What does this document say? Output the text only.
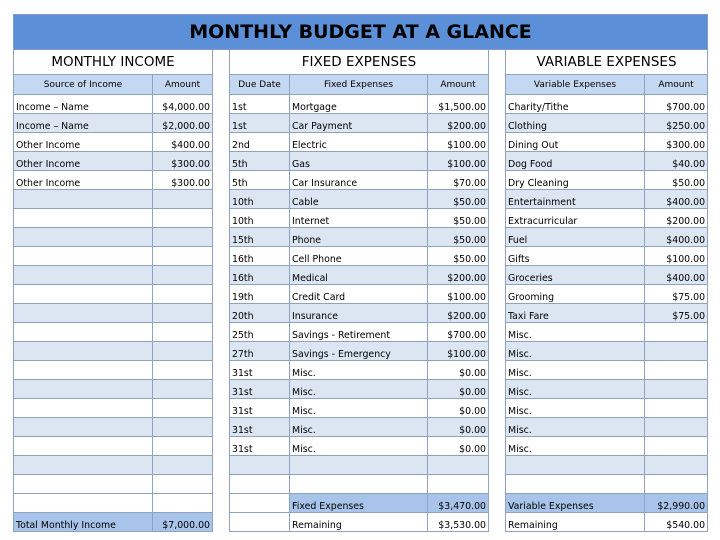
MONTHLY BUDGET AT A GLANCE								
MONTHLY INCOME			FIXED EXPENSES				VARIABLE EXPENSES	
Source of Income	Amount		Due Date	Fixed Expenses	Amount		Variable Expenses	Amount
Income – Name	$4,000.00		1st	Mortgage	$1,500.00		Charity/Tithe	$700.00
Income – Name	$2,000.00		1st	Car Payment	$200.00		Clothing	$250.00
Other Income	$400.00		2nd	Electric	$100.00		Dining Out	$300.00
Other Income	$300.00		5th	Gas	$100.00		Dog Food	$40.00
Other Income	$300.00		5th	Car Insurance	$70.00		Dry Cleaning	$50.00
			10th	Cable	$50.00		Entertainment	$400.00
			10th	Internet	$50.00		Extracurricular	$200.00
			15th	Phone	$50.00		Fuel	$400.00
			16th	Cell Phone	$50.00		Gifts	$100.00
			16th	Medical	$200.00		Groceries	$400.00
			19th	Credit Card	$100.00		Grooming	$75.00
			20th	Insurance	$200.00		Taxi Fare	$75.00
			25th	Savings - Retirement	$700.00		Misc.	
			27th	Savings - Emergency	$100.00		Misc.	
			31st	Misc.	$0.00		Misc.	
			31st	Misc.	$0.00		Misc.	
			31st	Misc.	$0.00		Misc.	
			31st	Misc.	$0.00		Misc.	
			31st	Misc.	$0.00		Misc.	

				Fixed Expenses	$3,470.00		Variable Expenses	$2,990.00
Total Monthly Income	$7,000.00			Remaining	$3,530.00		Remaining	$540.00
